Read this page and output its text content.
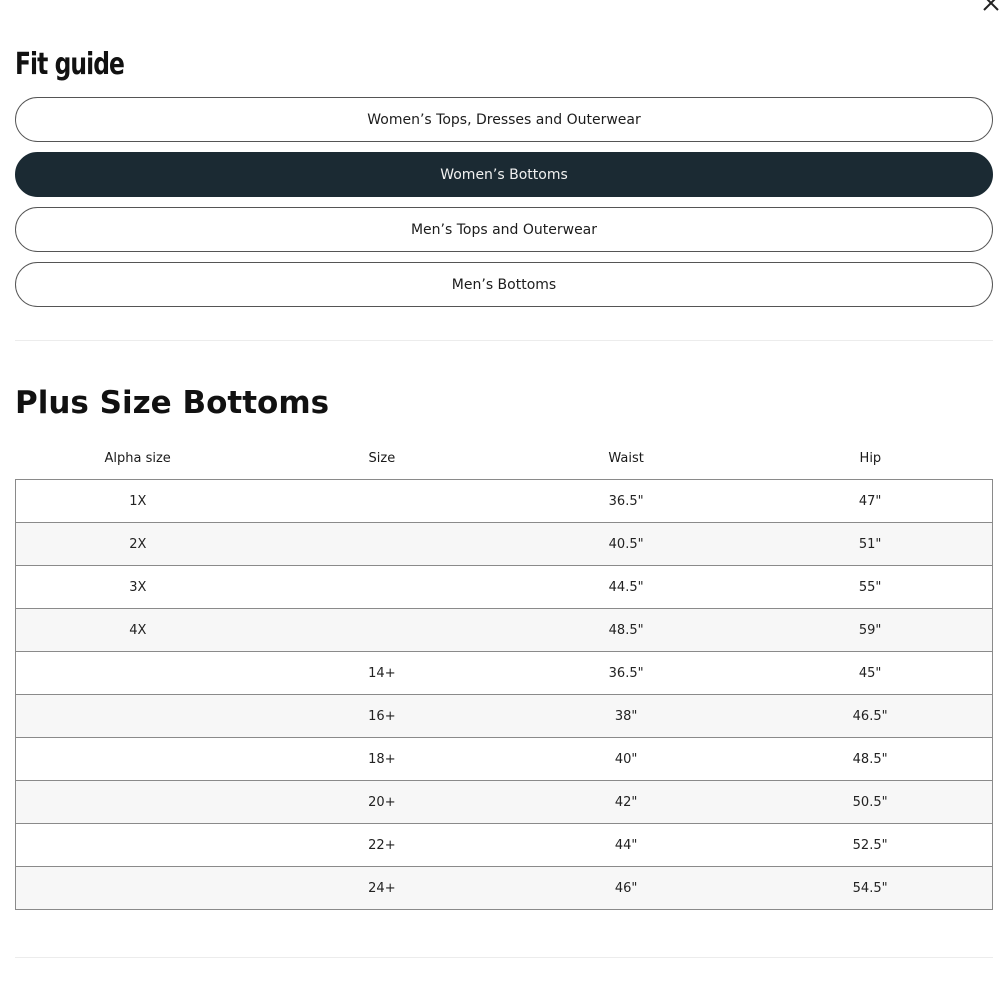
Fit guide
Women’s Tops, Dresses and Outerwear
Women’s Bottoms
Men’s Tops and Outerwear
Men’s Bottoms
Plus Size Bottoms
Alpha size	Size	Waist	Hip
1X		36.5"	47"
2X		40.5"	51"
3X		44.5"	55"
4X		48.5"	59"
	14+	36.5"	45"
	16+	38"	46.5"
	18+	40"	48.5"
	20+	42"	50.5"
	22+	44"	52.5"
	24+	46"	54.5"
